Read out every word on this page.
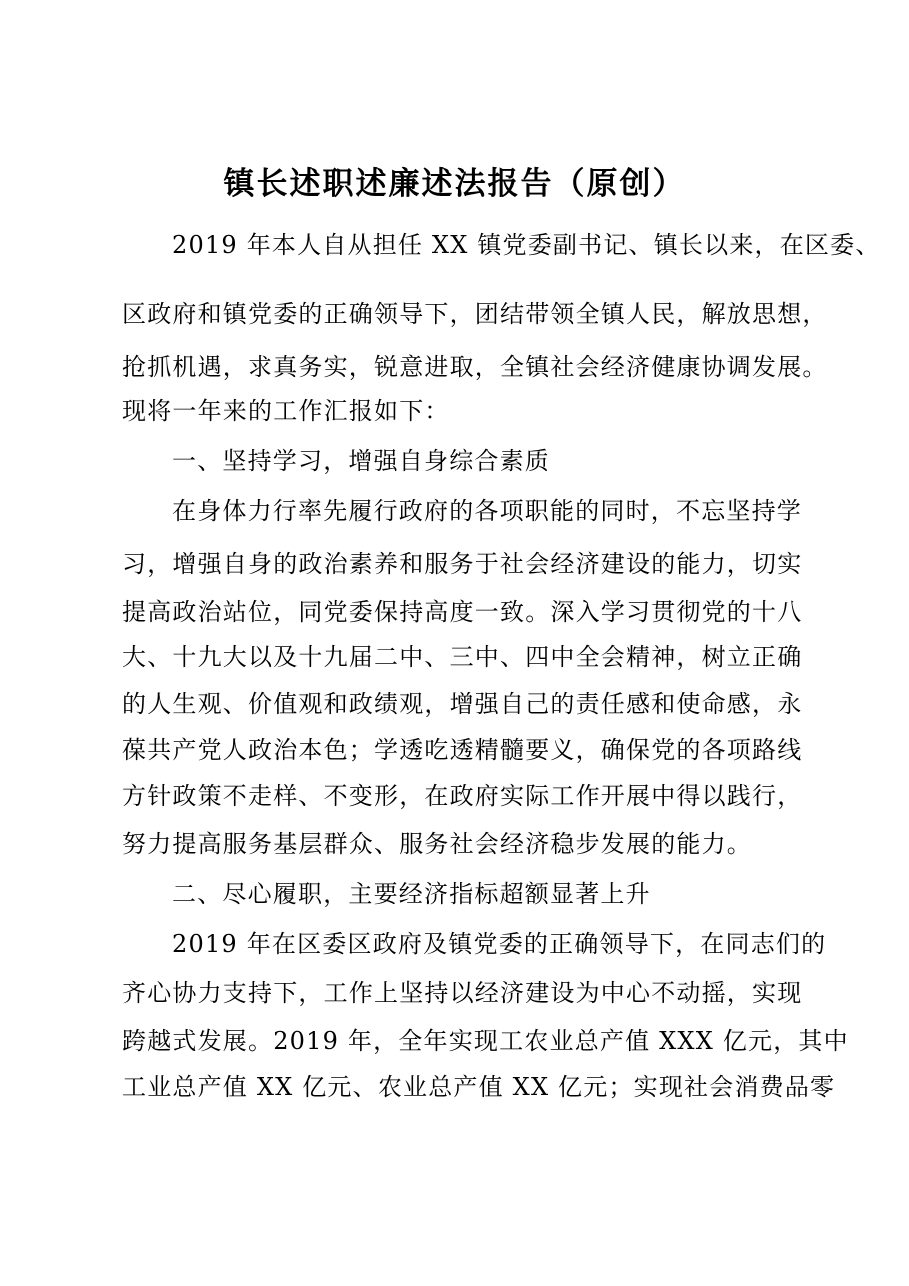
镇长述职述廉述法报告（原创）
2019 年本人自从担任 XX 镇党委副书记、镇长以来，在区委、
区政府和镇党委的正确领导下，团结带领全镇人民，解放思想，
抢抓机遇，求真务实，锐意进取，全镇社会经济健康协调发展。
现将一年来的工作汇报如下：
一、坚持学习，增强自身综合素质
在身体力行率先履行政府的各项职能的同时，不忘坚持学
习，增强自身的政治素养和服务于社会经济建设的能力，切实
提高政治站位，同党委保持高度一致。深入学习贯彻党的十八
大、十九大以及十九届二中、三中、四中全会精神，树立正确
的人生观、价值观和政绩观，增强自己的责任感和使命感，永
葆共产党人政治本色；学透吃透精髓要义，确保党的各项路线
方针政策不走样、不变形，在政府实际工作开展中得以践行，
努力提高服务基层群众、服务社会经济稳步发展的能力。
二、尽心履职，主要经济指标超额显著上升
2019 年在区委区政府及镇党委的正确领导下，在同志们的
齐心协力支持下，工作上坚持以经济建设为中心不动摇，实现
跨越式发展。2019 年，全年实现工农业总产值 XXX 亿元，其中
工业总产值 XX 亿元、农业总产值 XX 亿元；实现社会消费品零
